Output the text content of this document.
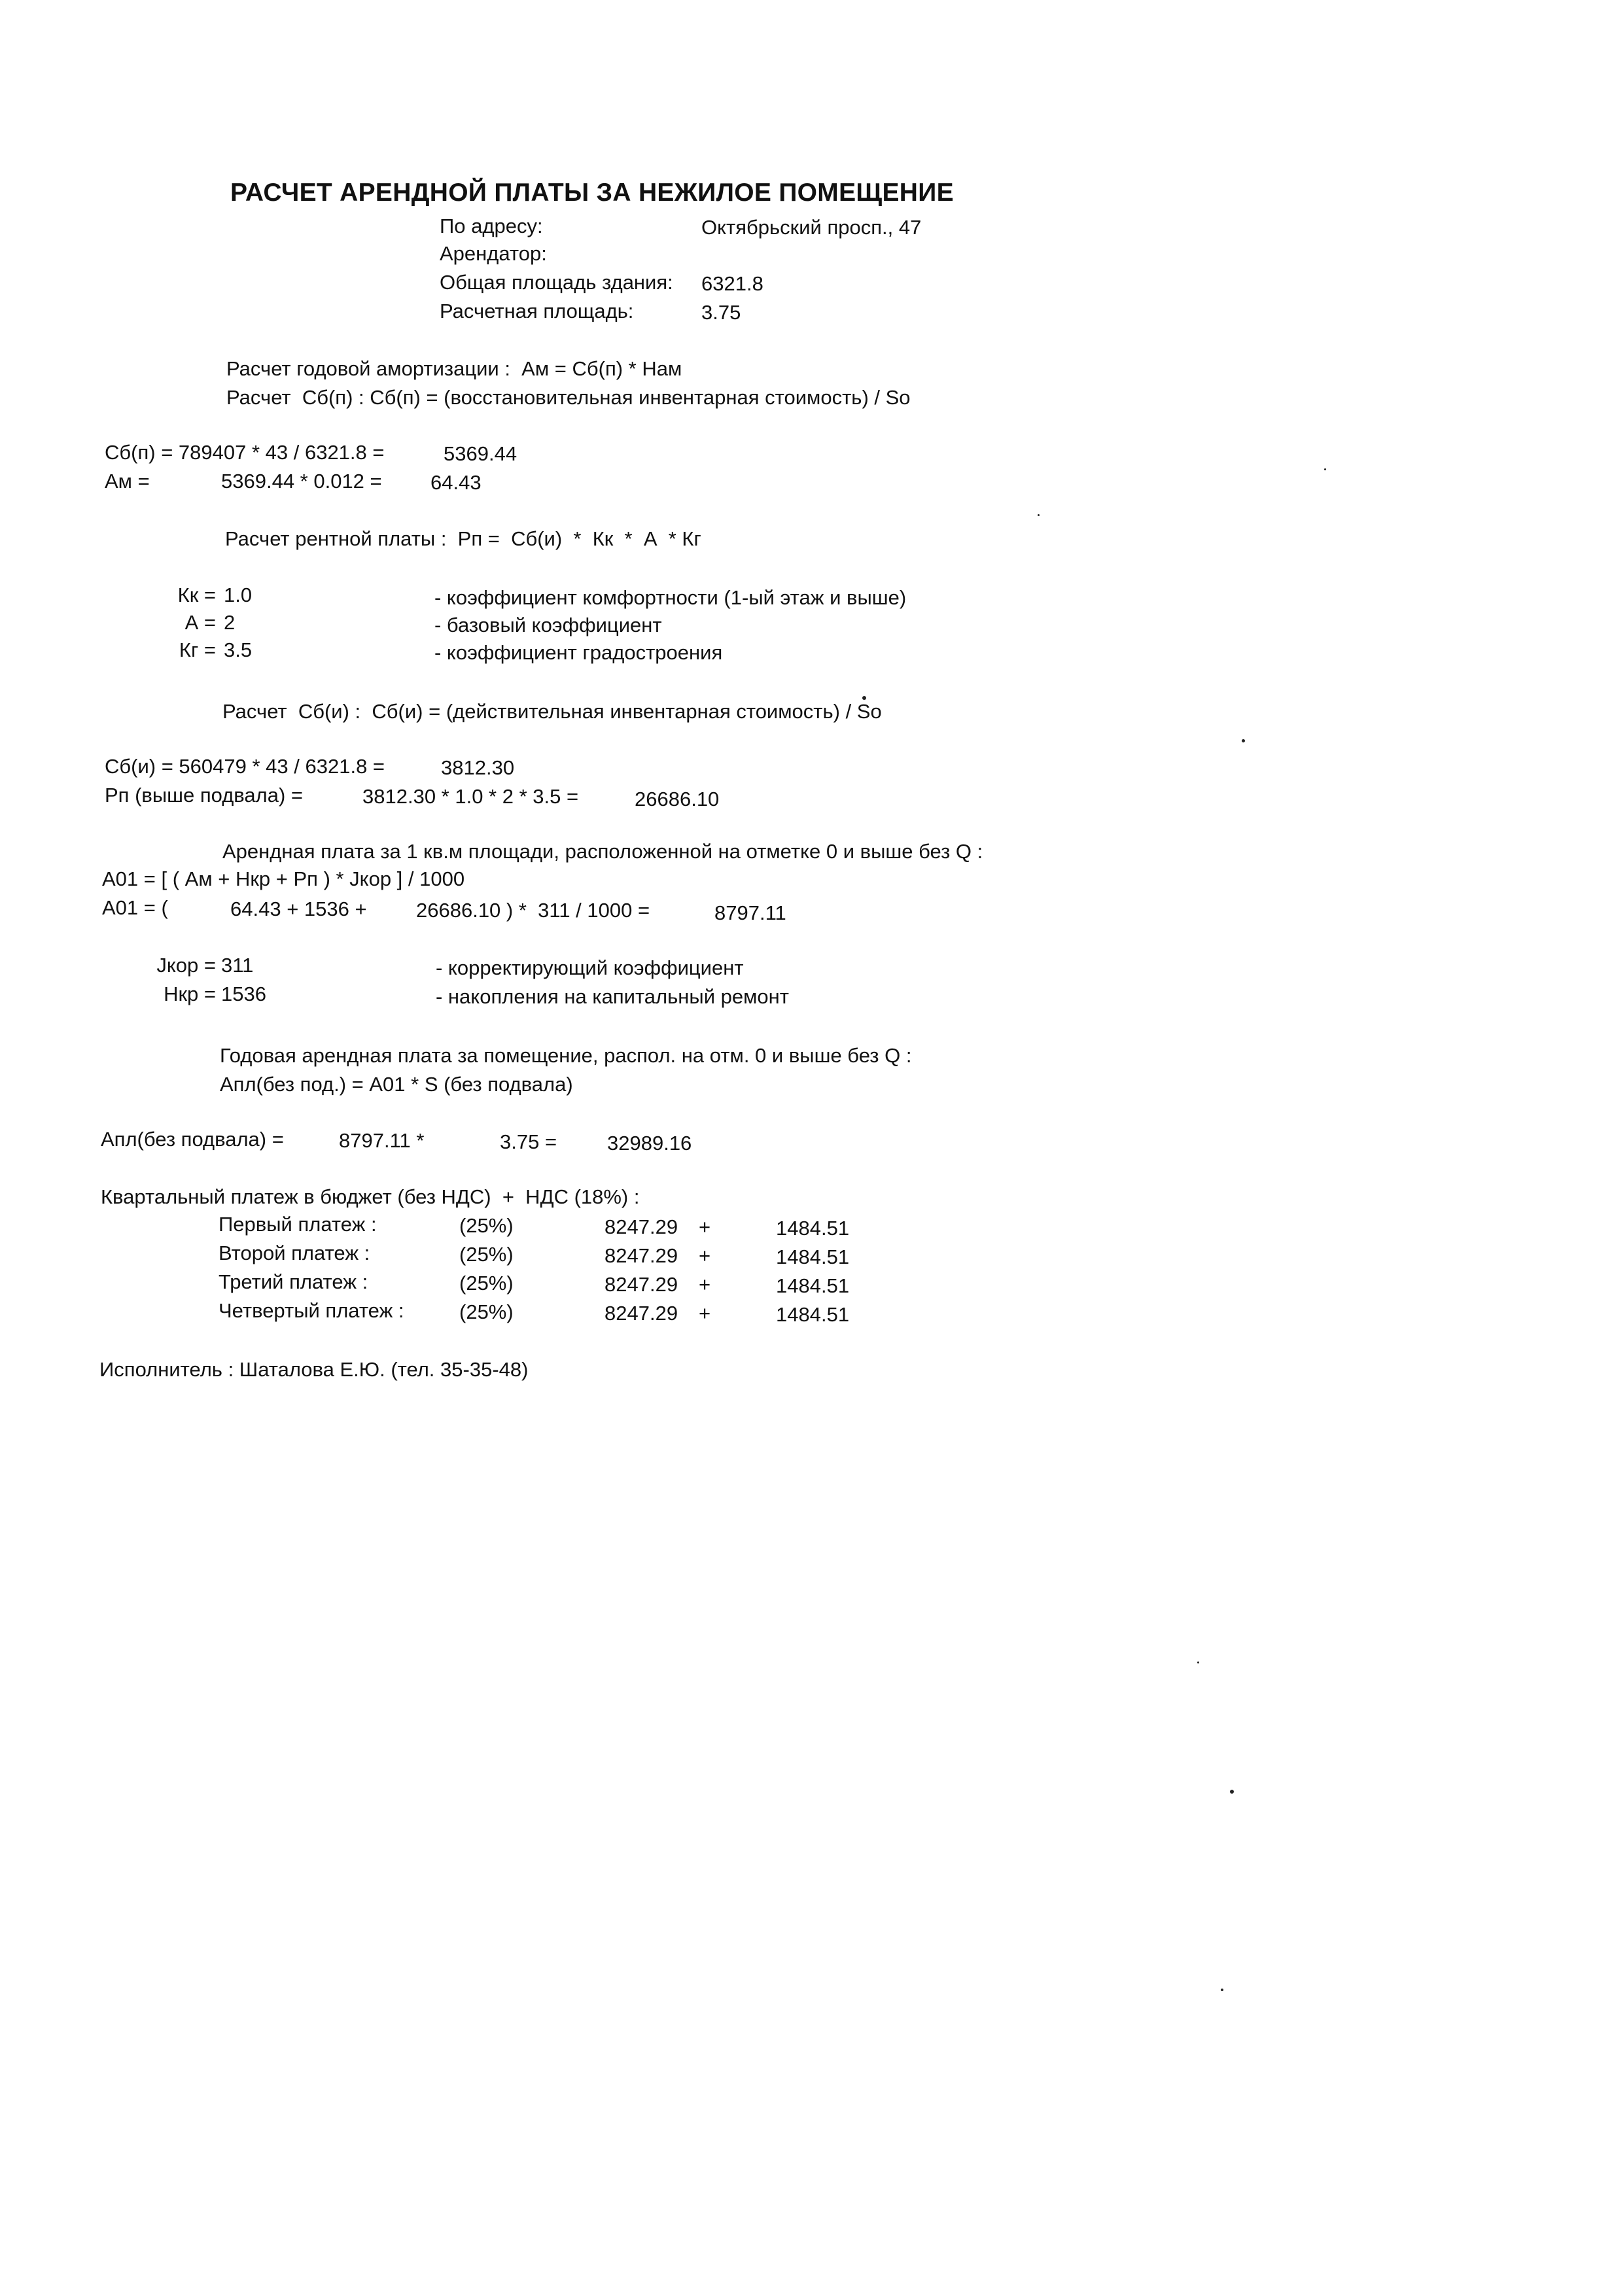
РАСЧЕТ АРЕНДНОЙ ПЛАТЫ ЗА НЕЖИЛОЕ ПОМЕЩЕНИЕ
По адресу:	Октябрьский просп., 47
Арендатор:
Общая площадь здания: 6321.8
Расчетная площадь:	3.75
Расчет годовой амортизации :  Ам = Сб(п) * Нам
Расчет  Сб(п) : Сб(п) = (восстановительная инвентарная стоимость) / So
Сб(п) = 789407 * 43 / 6321.8 =	5369.44
Ам =	5369.44 * 0.012 = 64.43
Расчет рентной платы :  Рп =  Сб(и)  *  Кк  *  А  * Кг
Кк = 1.0	- коэффициент комфортности (1-ый этаж и выше)
А = 2	- базовый коэффициент
Кг = 3.5	- коэффициент градостроения
Расчет  Сб(и) :  Сб(и) = (действительная инвентарная стоимость) / So
Сб(и) = 560479 * 43 / 6321.8 =	3812.30
Рп (выше подвала) =	3812.30 * 1.0 * 2 * 3.5 =	26686.10
Арендная плата за 1 кв.м площади, расположенной на отметке 0 и выше без Q :
А01 = [ ( Ам + Нкр + Рп ) * Jкор ] / 1000
А01 = (	64.43 + 1536 + 26686.10 ) *  311 / 1000 =	8797.11
Jкор = 311	- корректирующий коэффициент
Нкр = 1536	- накопления на капитальный ремонт
Годовая арендная плата за помещение, распол. на отм. 0 и выше без Q :
Апл(без под.) = А01 * S (без подвала)
Апл(без подвала) =	8797.11 *	3.75 = 32989.16
Квартальный платеж в бюджет (без НДС)  +  НДС (18%) :
Первый платеж :	(25%)	8247.29 +	1484.51
Второй платеж :	(25%)	8247.29 +	1484.51
Третий платеж :	(25%)	8247.29 +	1484.51
Четвертый платеж :	(25%)	8247.29 +	1484.51
Исполнитель : Шаталова Е.Ю. (тел. 35-35-48)
